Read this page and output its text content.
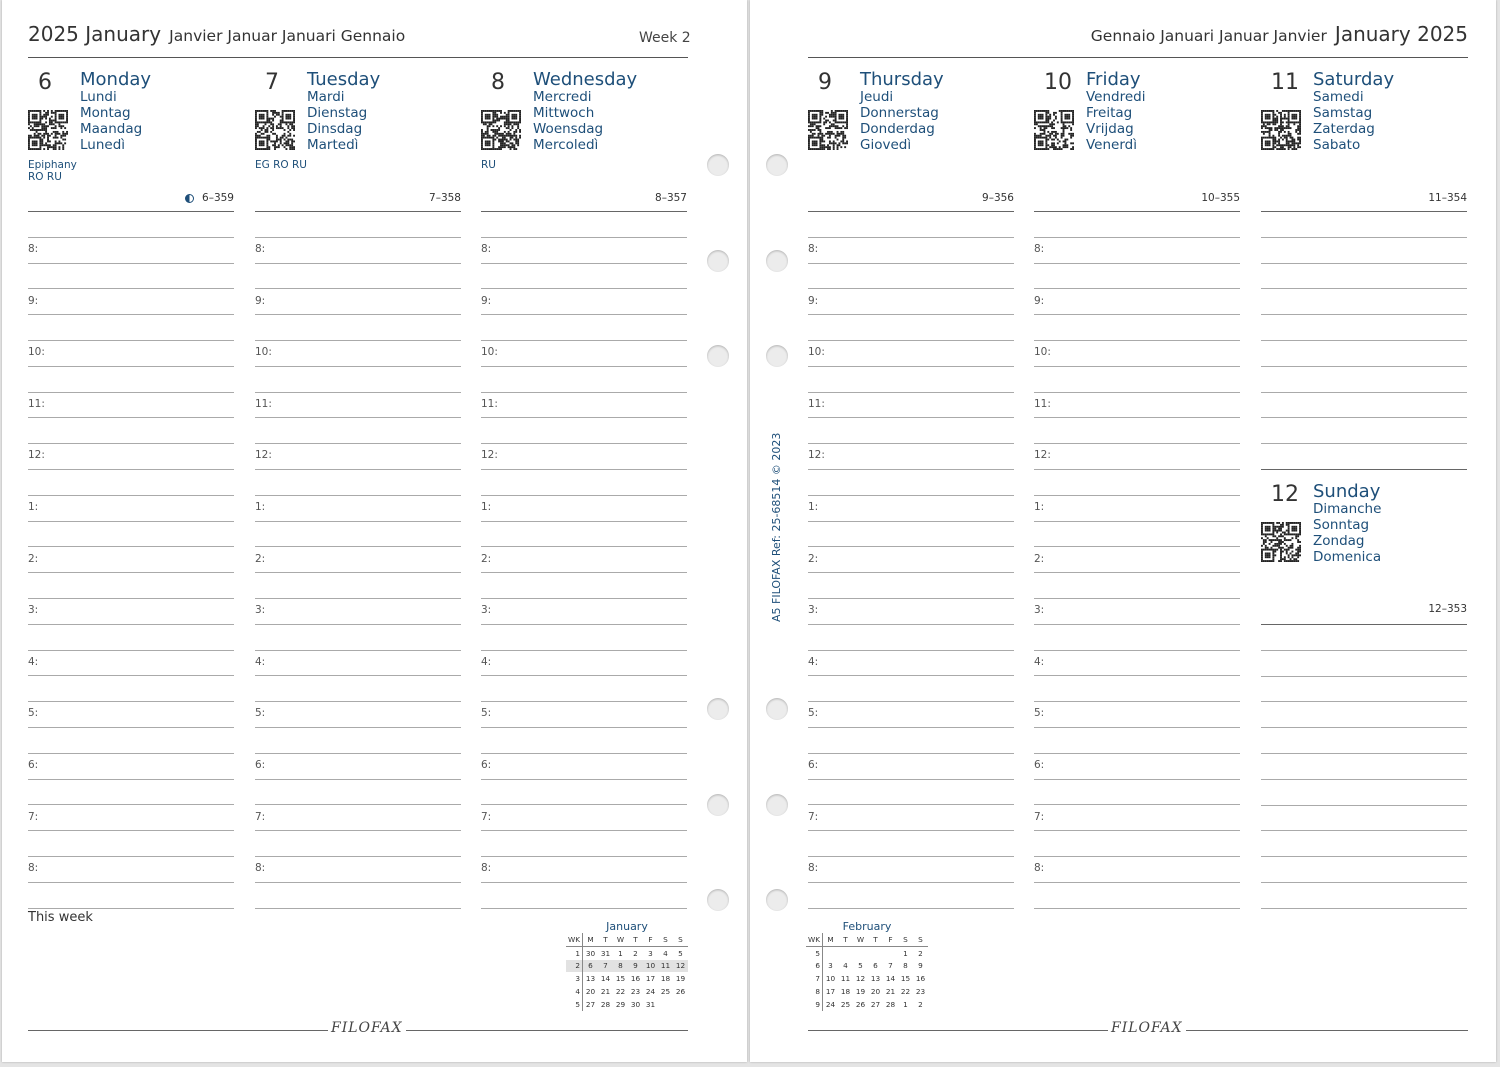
2025 January Janvier Januar Januari Gennaio	Week 2	Gennaio Januari Januar Janvier January 2025
6 Monday
Lundi
Montag
Maandag
Lunedì
Epiphany
RO RU
6–359
8:
9:
10:
11:
12:
1:
2:
3:
4:
5:
6:
7:
8:
7 Tuesday
Mardi
Dienstag
Dinsdag
Martedì
EG RO RU
7–358
8:
9:
10:
11:
12:
1:
2:
3:
4:
5:
6:
7:
8:
8 Wednesday
Mercredi
Mittwoch
Woensdag
Mercoledì
RU
8–357
8:
9:
10:
11:
12:
1:
2:
3:
4:
5:
6:
7:
8:
9 Thursday
Jeudi
Donnerstag
Donderdag
Giovedì
9–356
8:
9:
10:
11:
12:
1:
2:
3:
4:
5:
6:
7:
8:
10 Friday
Vendredi
Freitag
Vrijdag
Venerdì
10–355
8:
9:
10:
11:
12:
1:
2:
3:
4:
5:
6:
7:
8:
11 Saturday
Samedi
Samstag
Zaterdag
Sabato
11–354
12 Sunday
Dimanche
Sonntag
Zondag
Domenica
12–353
This week
January
WK	M	T	W	T	F	S	S
1	30	31	1	2	3	4	5
2	6	7	8	9	10	11	12
3	13	14	15	16	17	18	19
4	20	21	22	23	24	25	26
5	27	28	29	30	31		
February
WK	M	T	W	T	F	S	S
5						1	2
6	3	4	5	6	7	8	9
7	10	11	12	13	14	15	16
8	17	18	19	20	21	22	23
9	24	25	26	27	28	1	2
FILOFAX	FILOFAX
A5 FILOFAX Ref: 25-68514 © 2023
